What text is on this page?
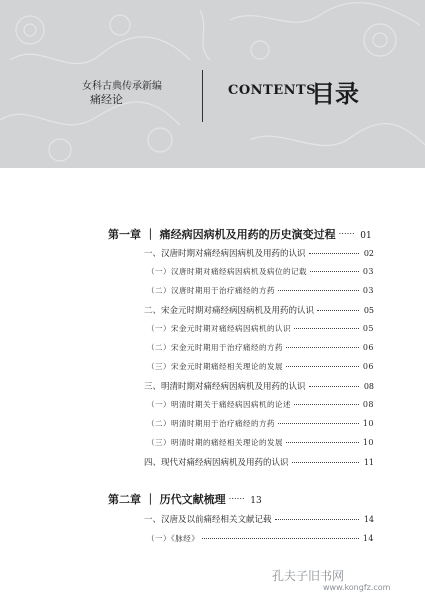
女科古典传承新编
痛经论
CONTENTS
目录
第一章 ｜ 痛经病因病机及用药的历史演变过程	01
一、汉唐时期对痛经病因病机及用药的认识	02
（一）汉唐时期对痛经病因病机及病位的记载	03
（二）汉唐时期用于治疗痛经的方药	03
二、宋金元时期对痛经病因病机及用药的认识	05
（一）宋金元时期对痛经病因病机的认识	05
（二）宋金元时期用于治疗痛经的方药	06
（三）宋金元时期痛经相关理论的发展	06
三、明清时期对痛经病因病机及用药的认识	08
（一）明清时期关于痛经病因病机的论述	08
（二）明清时期用于治疗痛经的方药	10
（三）明清时期的痛经相关理论的发展	10
四、现代对痛经病因病机及用药的认识	11
第二章 ｜ 历代文献梳理	13
一、汉唐及以前痛经相关文献记载	14
（一）《脉经》	14
孔夫子旧书网
www.kongfz.com
